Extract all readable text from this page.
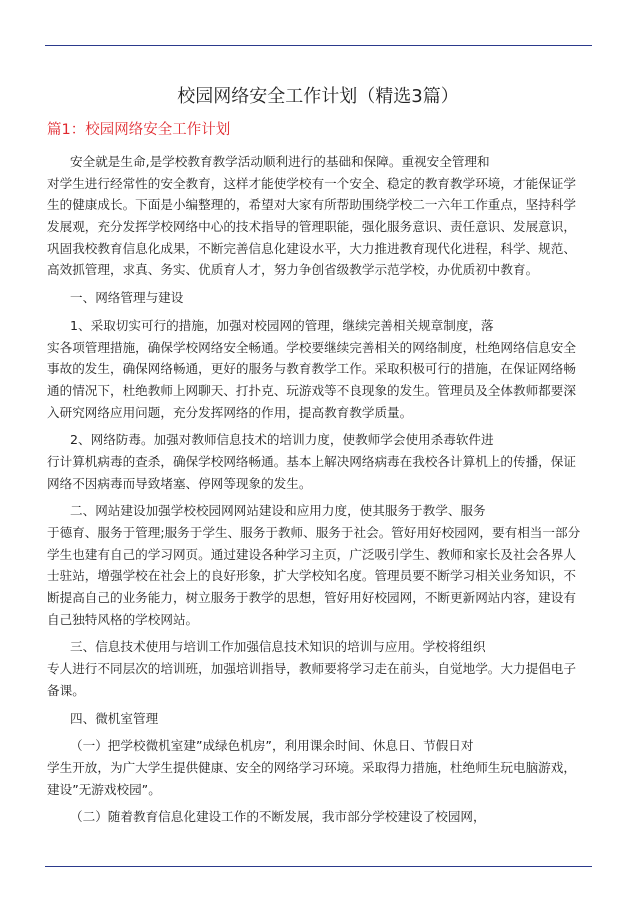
校园网络安全工作计划（精选3篇）
篇1：校园网络安全工作计划
安全就是生命,是学校教育教学活动顺利进行的基础和保障。重视安全管理和
对学生进行经常性的安全教育，这样才能使学校有一个安全、稳定的教育教学环境，才能保证学
生的健康成长。下面是小编整理的，希望对大家有所帮助围绕学校二一六年工作重点，坚持科学
发展观，充分发挥学校网络中心的技术指导的管理职能，强化服务意识、责任意识、发展意识，
巩固我校教育信息化成果，不断完善信息化建设水平，大力推进教育现代化进程，科学、规范、
高效抓管理，求真、务实、优质育人才，努力争创省级教学示范学校，办优质初中教育。
一、网络管理与建设
1、采取切实可行的措施，加强对校园网的管理，继续完善相关规章制度，落
实各项管理措施，确保学校网络安全畅通。学校要继续完善相关的网络制度，杜绝网络信息安全
事故的发生，确保网络畅通，更好的服务与教育教学工作。采取积极可行的措施，在保证网络畅
通的情况下，杜绝教师上网聊天、打扑克、玩游戏等不良现象的发生。管理员及全体教师都要深
入研究网络应用问题，充分发挥网络的作用，提高教育教学质量。
2、网络防毒。加强对教师信息技术的培训力度，使教师学会使用杀毒软件进
行计算机病毒的查杀，确保学校网络畅通。基本上解决网络病毒在我校各计算机上的传播，保证
网络不因病毒而导致堵塞、停网等现象的发生。
二、网站建设加强学校校园网网站建设和应用力度，使其服务于教学、服务
于德育、服务于管理;服务于学生、服务于教师、服务于社会。管好用好校园网，要有相当一部分
学生也建有自己的学习网页。通过建设各种学习主页，广泛吸引学生、教师和家长及社会各界人
士驻站，增强学校在社会上的良好形象，扩大学校知名度。管理员要不断学习相关业务知识，不
断提高自己的业务能力，树立服务于教学的思想，管好用好校园网，不断更新网站内容，建设有
自己独特风格的学校网站。
三、信息技术使用与培训工作加强信息技术知识的培训与应用。学校将组织
专人进行不同层次的培训班，加强培训指导，教师要将学习走在前头，自觉地学。大力提倡电子
备课。
四、微机室管理
（一）把学校微机室建”成绿色机房”，利用课余时间、休息日、节假日对
学生开放，为广大学生提供健康、安全的网络学习环境。采取得力措施，杜绝师生玩电脑游戏，
建设”无游戏校园”。
（二）随着教育信息化建设工作的不断发展，我市部分学校建设了校园网，
